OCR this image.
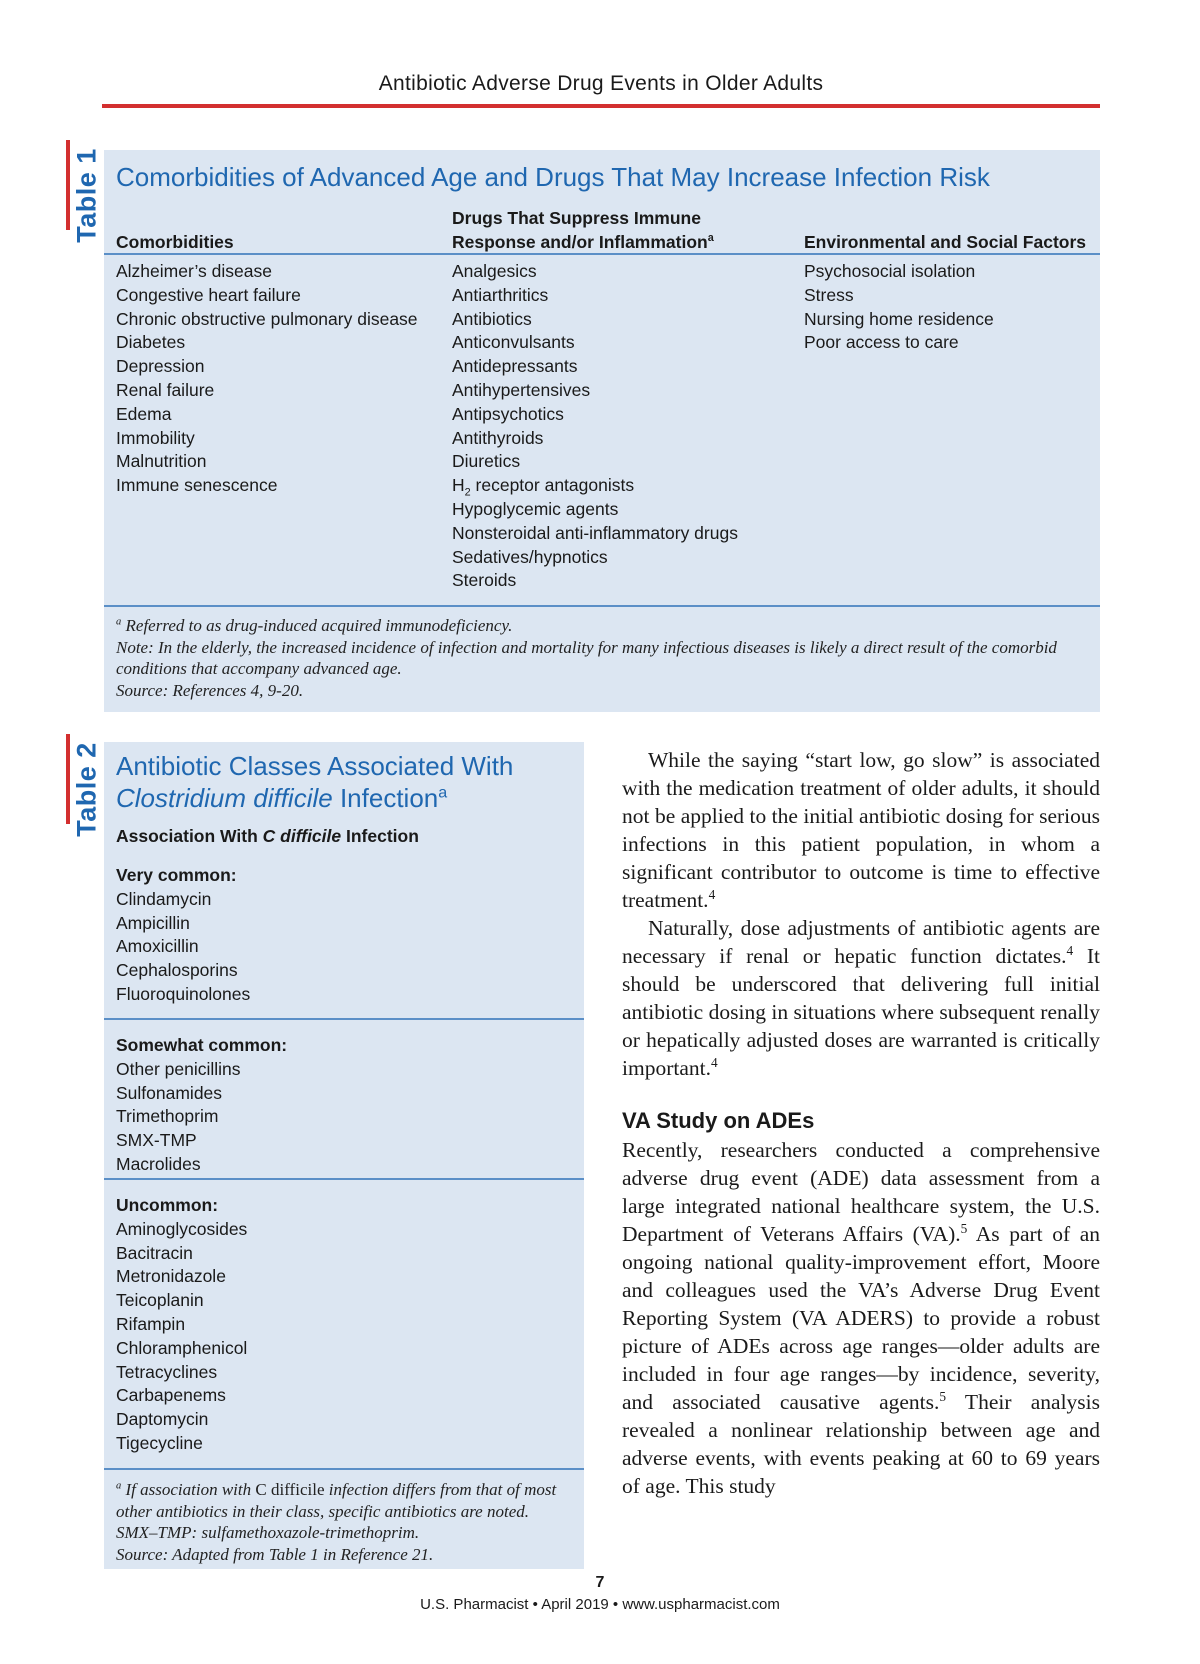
Antibiotic Adverse Drug Events in Older Adults
Table 1 Comorbidities of Advanced Age and Drugs That May Increase Infection Risk
Comorbidities
Drugs That Suppress Immune
Response and/or Inflammation$^a$	Environmental and Social Factors
Alzheimer’s disease
Congestive heart failure
Chronic obstructive pulmonary disease
Diabetes
Depression
Renal failure
Edema
Immobility
Malnutrition
Immune senescence
Analgesics
Antiarthritics
Antibiotics
Anticonvulsants
Antidepressants
Antihypertensives
Antipsychotics
Antithyroids
Diuretics
$H_2$ receptor antagonists
Hypoglycemic agents
Nonsteroidal anti-inflammatory drugs
Sedatives/hypnotics
Steroids
Psychosocial isolation
Stress
Nursing home residence
Poor access to care
$^a$ Referred to as drug-induced acquired immunodeficiency.
Note: In the elderly, the increased incidence of infection and mortality for many infectious diseases is likely a direct result of the comorbid conditions that accompany advanced age.
Source: References 4, 9-20.
Table 2 Antibiotic Classes Associated With
Clostridium difficile Infection$^a$
Association With C difficile Infection
Very common:
Clindamycin
Ampicillin
Amoxicillin
Cephalosporins
Fluoroquinolones
Somewhat common:
Other penicillins
Sulfonamides
Trimethoprim
SMX-TMP
Macrolides
Uncommon:
Aminoglycosides
Bacitracin
Metronidazole
Teicoplanin
Rifampin
Chloramphenicol
Tetracyclines
Carbapenems
Daptomycin
Tigecycline
$^a$ If association with C difficile infection differs from that of most other antibiotics in their class, specific antibiotics are noted. SMX–TMP: sulfamethoxazole-trimethoprim.
Source: Adapted from Table 1 in Reference 21.

While the saying “start low, go slow” is associated with the medication treatment of older adults, it should not be applied to the initial antibiotic dosing for serious infections in this patient population, in whom a significant contributor to outcome is time to effective treatment.$^4$

Naturally, dose adjustments of antibiotic agents are necessary if renal or hepatic function dictates.$^4$ It should be underscored that delivering full initial antibiotic dosing in situations where subsequent renally or hepatically adjusted doses are warranted is critically important.$^4$

VA Study on ADEs

Recently, researchers conducted a comprehensive adverse drug event (ADE) data assessment from a large integrated national healthcare system, the U.S. Department of Veterans Affairs (VA).$^5$ As part of an ongoing national quality-improvement effort, Moore and colleagues used the VA’s Adverse Drug Event Reporting System (VA ADERS) to provide a robust picture of ADEs across age ranges—older adults are included in four age ranges—by incidence, severity, and associated causative agents.$^5$ Their analysis revealed a nonlinear relationship between age and adverse events, with events peaking at 60 to 69 years of age. This study

7
U.S. Pharmacist • April 2019 • www.uspharmacist.com
